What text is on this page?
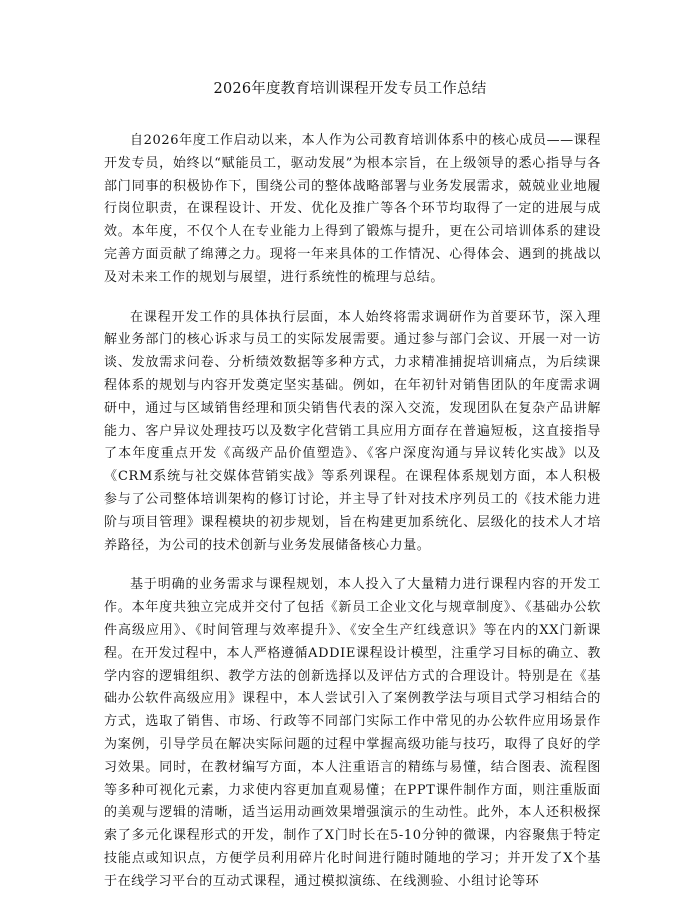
2026年度教育培训课程开发专员工作总结

自2026年度工作启动以来，本人作为公司教育培训体系中的核心成员——课程开发专员，始终以“赋能员工，驱动发展”为根本宗旨，在上级领导的悉心指导与各部门同事的积极协作下，围绕公司的整体战略部署与业务发展需求，兢兢业业地履行岗位职责，在课程设计、开发、优化及推广等各个环节均取得了一定的进展与成效。本年度，不仅个人在专业能力上得到了锻炼与提升，更在公司培训体系的建设完善方面贡献了绵薄之力。现将一年来具体的工作情况、心得体会、遇到的挑战以及对未来工作的规划与展望，进行系统性的梳理与总结。

在课程开发工作的具体执行层面，本人始终将需求调研作为首要环节，深入理解业务部门的核心诉求与员工的实际发展需要。通过参与部门会议、开展一对一访谈、发放需求问卷、分析绩效数据等多种方式，力求精准捕捉培训痛点，为后续课程体系的规划与内容开发奠定坚实基础。例如，在年初针对销售团队的年度需求调研中，通过与区域销售经理和顶尖销售代表的深入交流，发现团队在复杂产品讲解能力、客户异议处理技巧以及数字化营销工具应用方面存在普遍短板，这直接指导了本年度重点开发《高级产品价值塑造》、《客户深度沟通与异议转化实战》以及《CRM系统与社交媒体营销实战》等系列课程。在课程体系规划方面，本人积极参与了公司整体培训架构的修订讨论，并主导了针对技术序列员工的《技术能力进阶与项目管理》课程模块的初步规划，旨在构建更加系统化、层级化的技术人才培养路径，为公司的技术创新与业务发展储备核心力量。

基于明确的业务需求与课程规划，本人投入了大量精力进行课程内容的开发工作。本年度共独立完成并交付了包括《新员工企业文化与规章制度》、《基础办公软件高级应用》、《时间管理与效率提升》、《安全生产红线意识》等在内的XX门新课程。在开发过程中，本人严格遵循ADDIE课程设计模型，注重学习目标的确立、教学内容的逻辑组织、教学方法的创新选择以及评估方式的合理设计。特别是在《基础办公软件高级应用》课程中，本人尝试引入了案例教学法与项目式学习相结合的方式，选取了销售、市场、行政等不同部门实际工作中常见的办公软件应用场景作为案例，引导学员在解决实际问题的过程中掌握高级功能与技巧，取得了良好的学习效果。同时，在教材编写方面，本人注重语言的精练与易懂，结合图表、流程图等多种可视化元素，力求使内容更加直观易懂；在PPT课件制作方面，则注重版面的美观与逻辑的清晰，适当运用动画效果增强演示的生动性。此外，本人还积极探索了多元化课程形式的开发，制作了X门时长在5-10分钟的微课，内容聚焦于特定技能点或知识点，方便学员利用碎片化时间进行随时随地的学习；并开发了X个基于在线学习平台的互动式课程，通过模拟演练、在线测验、小组讨论等环
